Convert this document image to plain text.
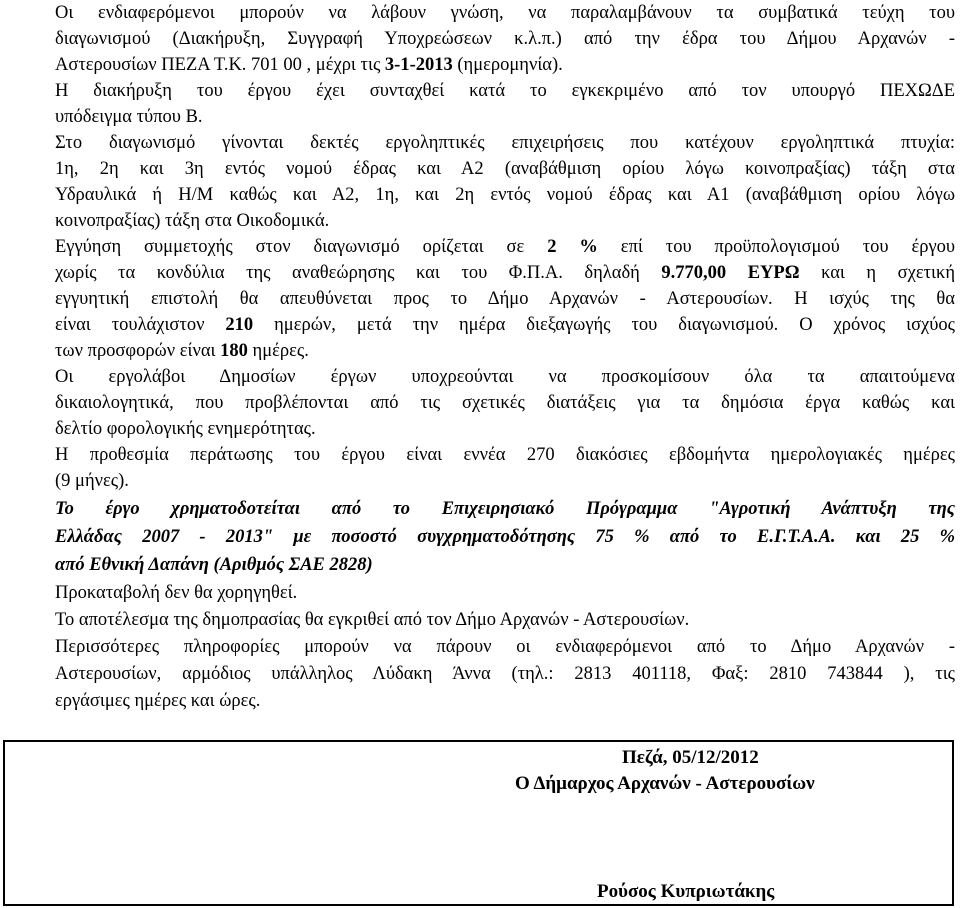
Οι ενδιαφερόμενοι μπορούν να λάβουν γνώση, να παραλαμβάνουν τα συμβατικά τεύχη του
διαγωνισμού (Διακήρυξη, Συγγραφή Υποχρεώσεων κ.λ.π.) από την έδρα του Δήμου Αρχανών -
Αστερουσίων ΠΕΖΑ Τ.Κ. 701 00 , μέχρι τις 3-1-2013 (ημερομηνία).
Η διακήρυξη του έργου έχει συνταχθεί κατά το εγκεκριμένο από τον υπουργό ΠΕΧΩΔΕ
υπόδειγμα τύπου Β.
Στο διαγωνισμό γίνονται δεκτές εργοληπτικές επιχειρήσεις που κατέχουν εργοληπτικά πτυχία:
1η, 2η και 3η εντός νομού έδρας και Α2 (αναβάθμιση ορίου λόγω κοινοπραξίας) τάξη στα
Υδραυλικά ή Η/Μ καθώς και Α2, 1η, και 2η εντός νομού έδρας και Α1 (αναβάθμιση ορίου λόγω
κοινοπραξίας) τάξη στα Οικοδομικά.
Εγγύηση συμμετοχής στον διαγωνισμό ορίζεται σε 2 % επί του προϋπολογισμού του έργου
χωρίς τα κονδύλια της αναθεώρησης και του Φ.Π.Α. δηλαδή 9.770,00 ΕΥΡΩ και η σχετική
εγγυητική επιστολή θα απευθύνεται προς το Δήμο Αρχανών - Αστερουσίων. Η ισχύς της θα
είναι τουλάχιστον 210 ημερών, μετά την ημέρα διεξαγωγής του διαγωνισμού. Ο χρόνος ισχύος
των προσφορών είναι 180 ημέρες.
Οι εργολάβοι Δημοσίων έργων υποχρεούνται να προσκομίσουν όλα τα απαιτούμενα
δικαιολογητικά, που προβλέπονται από τις σχετικές διατάξεις για τα δημόσια έργα καθώς και
δελτίο φορολογικής ενημερότητας.
Η προθεσμία περάτωσης του έργου είναι εννέα 270 διακόσιες εβδομήντα ημερολογιακές ημέρες
(9 μήνες).
Το έργο χρηματοδοτείται από το Επιχειρησιακό Πρόγραμμα "Αγροτική Ανάπτυξη της
Ελλάδας 2007 - 2013" με ποσοστό συγχρηματοδότησης 75 % από το Ε.Γ.Τ.Α.Α. και 25 %
από Εθνική Δαπάνη (Αριθμός ΣΑΕ 2828)
Προκαταβολή δεν θα χορηγηθεί.
Το αποτέλεσμα της δημοπρασίας θα εγκριθεί από τον Δήμο Αρχανών - Αστερουσίων.
Περισσότερες πληροφορίες μπορούν να πάρουν οι ενδιαφερόμενοι από το Δήμο Αρχανών -
Αστερουσίων, αρμόδιος υπάλληλος Λύδακη Άννα (τηλ.: 2813 401118, Φαξ: 2810 743844 ), τις
εργάσιμες ημέρες και ώρες.
Πεζά, 05/12/2012
Ο Δήμαρχος Αρχανών - Αστερουσίων
Ρούσος Κυπριωτάκης
